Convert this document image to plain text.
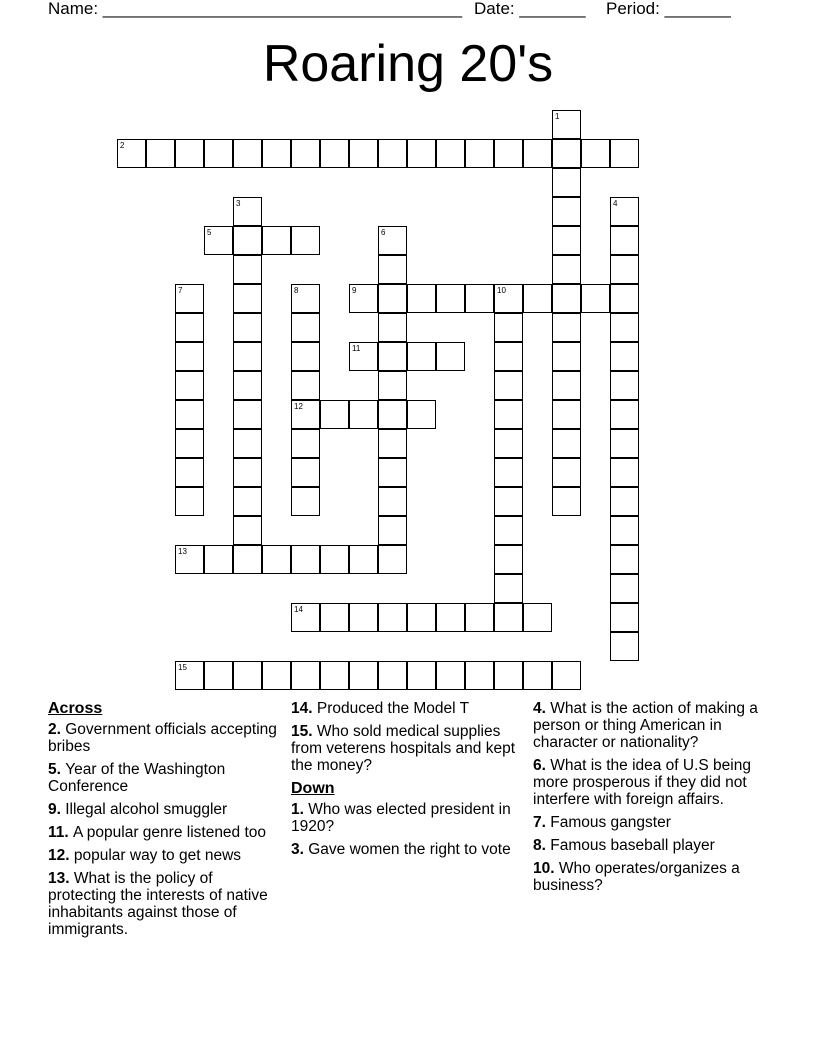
Name: ______________________________________ Date: _______ Period: _______
Roaring 20's
1
2
3	4
5	6
7	8
12
9	10
11
13
14
15
Across
2. Government officials accepting bribes
5. Year of the Washington Conference
9. Illegal alcohol smuggler
11. A popular genre listened too
12. popular way to get news
13. What is the policy of protecting the interests of native inhabitants against those of immigrants.
14. Produced the Model T
15. Who sold medical supplies from veterens hospitals and kept the money?
Down
1. Who was elected president in 1920?
3. Gave women the right to vote
4. What is the action of making a person or thing American in character or nationality?
6. What is the idea of U.S being more prosperous if they did not interfere with foreign affairs.
7. Famous gangster
8. Famous baseball player
10. Who operates/organizes a business?
